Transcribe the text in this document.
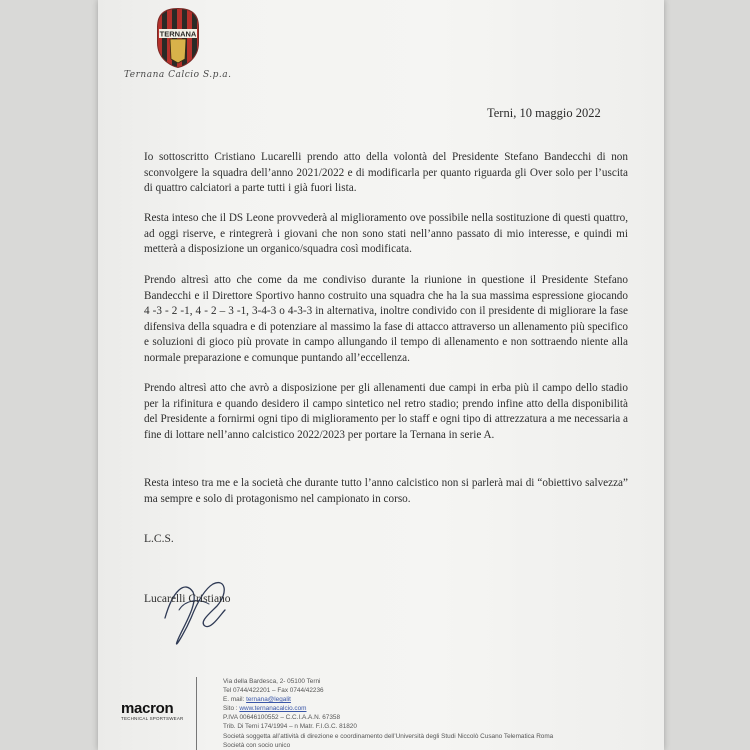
TERNANA
Ternana Calcio S.p.a.
Terni, 10 maggio 2022

Io sottoscritto Cristiano Lucarelli prendo atto della volontà del Presidente Stefano Bandecchi di non sconvolgere la squadra dell’anno 2021/2022 e di modificarla per quanto riguarda gli Over solo per l’uscita di quattro calciatori a parte tutti i già fuori lista.

Resta inteso che il DS Leone provvederà al miglioramento ove possibile nella sostituzione di questi quattro, ad oggi riserve, e rintegrerà i giovani che non sono stati nell’anno passato di mio interesse, e quindi mi metterà a disposizione un organico/squadra così modificata.

Prendo altresì atto che come da me condiviso durante la riunione in questione il Presidente Stefano Bandecchi e il Direttore Sportivo hanno costruito una squadra che ha la sua massima espressione giocando 4 -3 - 2 -1, 4 - 2 – 3 -1, 3-4-3 o 4-3-3 in alternativa, inoltre condivido con il presidente di migliorare la fase difensiva della squadra e di potenziare al massimo la fase di attacco attraverso un allenamento più specifico e soluzioni di gioco più provate in campo allungando il tempo di allenamento e non sottraendo niente alla normale preparazione e comunque puntando all’eccellenza.

Prendo altresì atto che avrò a disposizione per gli allenamenti due campi in erba più il campo dello stadio per la rifinitura e quando desidero il campo sintetico nel retro stadio; prendo infine atto della disponibilità del Presidente a fornirmi ogni tipo di miglioramento per lo staff e ogni tipo di attrezzatura a me necessaria a fine di lottare nell’anno calcistico 2022/2023 per portare la Ternana in serie A.

Resta inteso tra me e la società che durante tutto l’anno calcistico non si parlerà mai di “obiettivo salvezza” ma sempre e solo di protagonismo nel campionato in corso.

L.C.S.
Lucarelli Cristiano
macron
TECHNICAL SPORTSWEAR
Via della Bardesca, 2- 05100 Terni
Tel 0744/422201 – Fax 0744/42236
E. mail: ternana@legalit
Sito : www.ternanacalcio.com
P.IVA 00646100552 – C.C.I.A.A.N. 67358
Trib. Di Terni 174/1994 – n Matr. F.I.G.C. 81820
Società soggetta all’attività di direzione e coordinamento dell’Università degli Studi Niccolò Cusano Telematica Roma
Società con socio unico
